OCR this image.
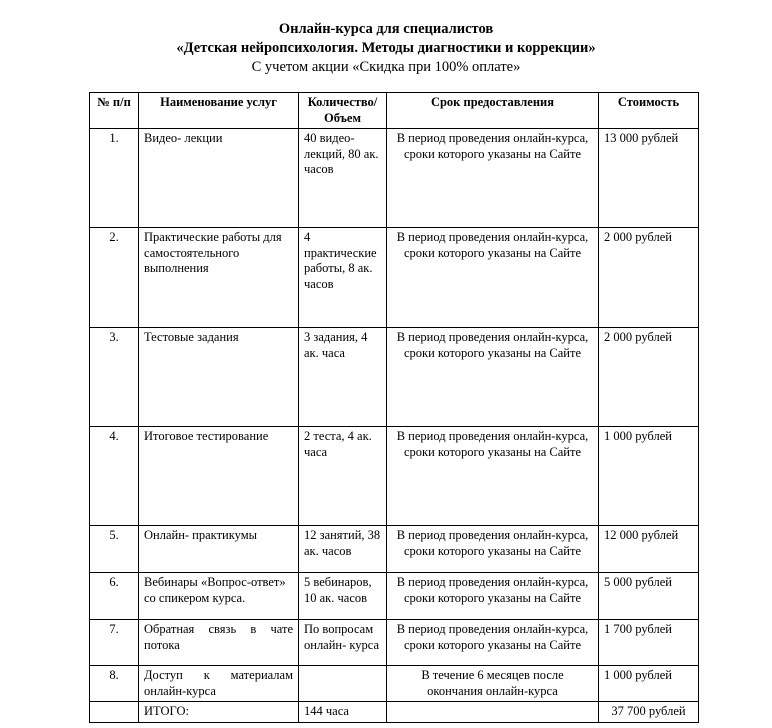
Онлайн-курса для специалистов
«Детская нейропсихология. Методы диагностики и коррекции»
С учетом акции «Скидка при 100% оплате»
№ п/п	Наименование услуг	Количество/ Объем	Срок предоставления	Стоимость
1.	Видео- лекции	40 видео-лекций, 80 ак. часов	В период проведения онлайн-курса, сроки которого указаны на Сайте	13 000 рублей
2.	Практические работы для самостоятельного выполнения	4 практические работы, 8 ак. часов	В период проведения онлайн-курса, сроки которого указаны на Сайте	2 000 рублей
3.	Тестовые задания	3 задания, 4 ак. часа	В период проведения онлайн-курса, сроки которого указаны на Сайте	2 000 рублей
4.	Итоговое тестирование	2 теста, 4 ак. часа	В период проведения онлайн-курса, сроки которого указаны на Сайте	1 000 рублей
5.	Онлайн- практикумы	12 занятий, 38 ак. часов	В период проведения онлайн-курса, сроки которого указаны на Сайте	12 000 рублей
6.	Вебинары «Вопрос-ответ» со спикером курса.	5 вебинаров, 10 ак. часов	В период проведения онлайн-курса, сроки которого указаны на Сайте	5 000 рублей
7.	Обратная связь в чате потока	По вопросам онлайн- курса	В период проведения онлайн-курса, сроки которого указаны на Сайте	1 700 рублей
8.	Доступ к материалам онлайн-курса		В течение 6 месяцев после окончания онлайн-курса	1 000 рублей
	ИТОГО:	144 часа		37 700 рублей
